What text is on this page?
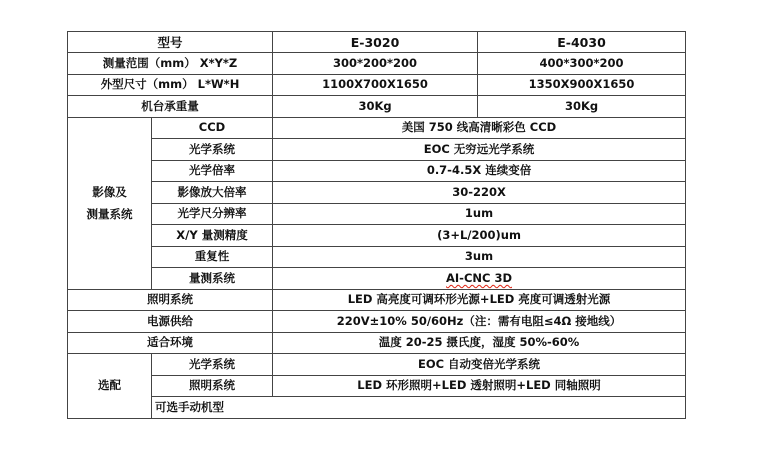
型号		E-3020	E-4030
测量范围（mm） X*Y*Z		300*200*200	400*300*200
外型尺寸（mm） L*W*H		1100X700X1650	1350X900X1650
机台承重量		30Kg	30Kg

影像及
测量系统	CCD	美国 750 线高清晰彩色 CCD	
	光学系统	EOC 无穷远光学系统	
	光学倍率	0.7-4.5X 连续变倍	
	影像放大倍率	30-220X	
	光学尺分辨率	1um	
	X/Y 量测精度	(3+L/200)um	
	重复性	3um	
	量测系统	AI-CNC 3D	
照明系统		LED 高亮度可调环形光源+LED 亮度可调透射光源	
电源供给		220V±10% 50/60Hz（注：需有电阻≤4Ω 接地线）	
适合环境		温度 20-25 摄氏度，湿度 50%-60%	
选配	光学系统	EOC 自动变倍光学系统	
	照明系统	LED 环形照明+LED 透射照明+LED 同轴照明	
	可选手动机型		
